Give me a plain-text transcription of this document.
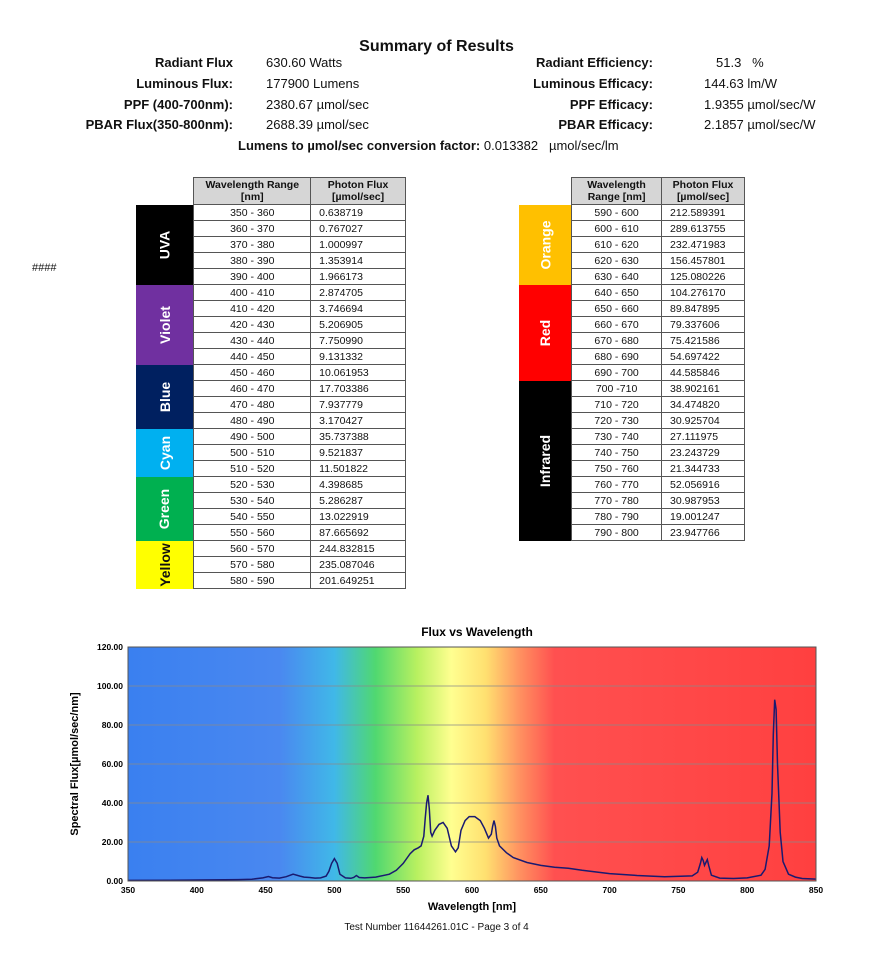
Summary of Results
Radiant Flux	630.60 Watts
Luminous Flux:	177900 Lumens
PPF (400-700nm):	2380.67 µmol/sec
PBAR Flux(350-800nm):	2688.39 µmol/sec
Radiant Efficiency:	51.3   %
Luminous Efficacy:	144.63 lm/W
PPF Efficacy:	1.9355 µmol/sec/W
PBAR Efficacy:	2.1857 µmol/sec/W
Lumens to µmol/sec conversion factor: 0.013382   µmol/sec/lm
####
	Wavelength Range [nm]	Photon Flux [µmol/sec]
UVA	350 - 360	0.638719
	360 - 370	0.767027
	370 - 380	1.000997
	380 - 390	1.353914
	390 - 400	1.966173
Violet	400 - 410	2.874705
	410 - 420	3.746694
	420 - 430	5.206905
	430 - 440	7.750990
	440 - 450	9.131332
Blue	450 - 460	10.061953
	460 - 470	17.703386
	470 - 480	7.937779
	480 - 490	3.170427
Cyan	490 - 500	35.737388
	500 - 510	9.521837
	510 - 520	11.501822
Green	520 - 530	4.398685
	530 - 540	5.286287
	540 - 550	13.022919
	550 - 560	87.665692
Yellow	560 - 570	244.832815
	570 - 580	235.087046
	580 - 590	201.649251
	Wavelength Range [nm]	Photon Flux [µmol/sec]
Orange	590 - 600	212.589391
	600 - 610	289.613755
	610 - 620	232.471983
	620 - 630	156.457801
	630 - 640	125.080226
Red	640 - 650	104.276170
	650 - 660	89.847895
	660 - 670	79.337606
	670 - 680	75.421586
	680 - 690	54.697422
	690 - 700	44.585846
Infrared	700 -710	38.902161
	710 - 720	34.474820
	720 - 730	30.925704
	730 - 740	27.111975
	740 - 750	23.243729
	750 - 760	21.344733
	760 - 770	52.056916
	770 - 780	30.987953
	780 - 790	19.001247
	790 - 800	23.947766
Flux vs Wavelength
0.00
20.00
40.00
60.00
80.00
100.00
120.00
350	400	450	500	550	600	650	700	750	800	850
Wavelength [nm]
Spectral Flux[µmol/sec/nm]
Test Number 11644261.01C - Page 3 of 4
